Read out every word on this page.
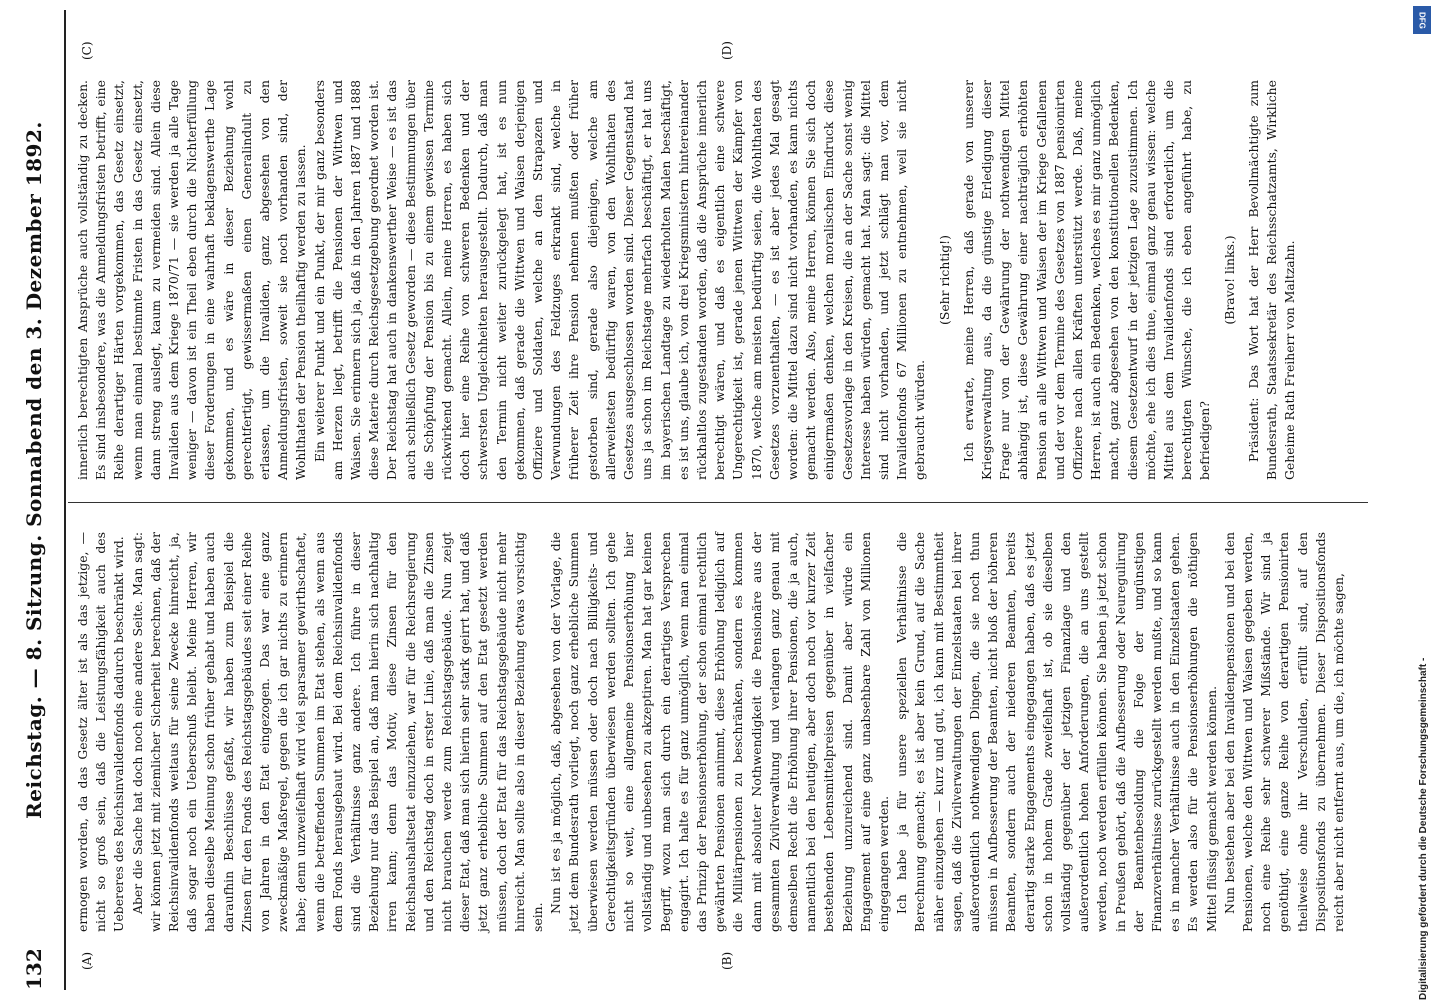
132
Reichstag. — 8. Sitzung. Sonnabend den 3. Dezember 1892.
(A)	(B)
(C)	(D)

ermogen worden, da das Gesetz älter ist als das jetzige, — nicht so groß sein, daß die Leistungsfähigkeit auch des Uebereres des Reichsinvalidenfonds dadurch beschränkt wird. Aber die Sache hat doch noch eine andere Seite. Man sagt: wir können jetzt mit ziemlicher Sicherheit berechnen, daß der Reichsinvalidenfonds weitaus für seine Zwecke hinreicht, ja, daß sogar noch ein Ueberschuß bleibt. Meine Herren, wir haben dieselbe Meinung schon früher gehabt und haben auch daraufhin Beschlüsse gefaßt, wir haben zum Beispiel die Zinsen für den Fonds des Reichstagsgebäudes seit einer Reihe von Jahren in den Etat eingezogen. Das war eine ganz zweckmäßige Maßregel, gegen die ich gar nichts zu erinnern habe; denn unzweifelhaft wird viel sparsamer gewirthschaftet, wenn die betreffenden Summen im Etat stehen, als wenn aus dem Fonds herausgebaut wird. Bei dem Reichsinvalidenfonds sind die Verhältnisse ganz andere. Ich führe in dieser Beziehung nur das Beispiel an, daß man hierin sich nachhaltig irren kann; denn das Motiv, diese Zinsen für den Reichshaushaltsetat einzuziehen, war für die Reichsregierung und den Reichstag doch in erster Linie, daß man die Zinsen nicht brauchen werde zum Reichstagsgebäude. Nun zeigt dieser Etat, daß man sich hierin sehr stark geirrt hat, und daß jetzt ganz erhebliche Summen auf den Etat gesetzt werden müssen, doch der Etat für das Reichstagsgebäude nicht mehr hinreicht. Man sollte also in dieser Beziehung etwas vorsichtig sein.

Nun ist es ja möglich, daß, abgesehen von der Vorlage, die jetzt dem Bundesrath vorliegt, noch ganz erhebliche Summen überwiesen werden müssen oder doch nach Billigkeits- und Gerechtigkeitsgründen überwiesen werden sollten. Ich gehe nicht so weit, eine allgemeine Pensionserhöhung hier vollständig und unbesehen zu akzeptiren. Man hat gar keinen Begriff, wozu man sich durch ein derartiges Versprechen engagirt. Ich halte es für ganz unmöglich, wenn man einmal das Prinzip der Pensionserhöhung, der schon einmal rechtlich gewährten Pensionen annimmt, diese Erhöhung lediglich auf die Militärpensionen zu beschränken, sondern es kommen dann mit absoluter Nothwendigkeit die Pensionäre aus der gesammten Zivilverwaltung und verlangen ganz genau mit demselben Recht die Erhöhung ihrer Pensionen, die ja auch, namentlich bei den heutigen, aber doch noch vor kurzer Zeit bestehenden Lebensmittelpreisen gegenüber in vielfacher Beziehung unzureichend sind. Damit aber würde ein Engagement auf eine ganz unabsehbare Zahl von Millionen eingegangen werden. Ich habe ja für unsere speziellen Verhältnisse die Berechnung gemacht; es ist aber kein Grund, auf die Sache näher einzugehen — kurz und gut, ich kann mit Bestimmtheit sagen, daß die Zivilverwaltungen der Einzelstaaten bei ihrer außerordentlich nothwendigen Dingen, die sie noch thun müssen in Aufbesserung der Beamten, nicht bloß der höheren Beamten, sondern auch der niederen Beamten, bereits derartig starke Engagements eingegangen haben, daß es jetzt schon in hohem Grade zweifelhaft ist, ob sie dieselben vollständig gegenüber der jetzigen Finanzlage und den außerordentlich hohen Anforderungen, die an uns gestellt werden, noch werden erfüllen können. Sie haben ja jetzt schon in Preußen gehört, daß die Aufbesserung oder Neuregulirung der Beamtenbesoldung die Folge der ungünstigen Finanzverhältnisse zurückgestellt werden mußte, und so kann es in mancher Verhältnisse auch in den Einzelstaaten gehen. Es werden also für die Pensionserhöhungen die nöthigen Mittel flüssig gemacht werden können. Nun bestehen aber bei den Invalidenpensionen und bei den Pensionen, welche den Wittwen und Waisen gegeben werden, noch eine Reihe sehr schwerer Mißstände. Wir sind ja genöthigt, eine ganze Reihe von derartigen Pensionirten theilweise ohne ihr Verschulden, erfüllt sind, auf den Dispositionsfonds zu übernehmen. Dieser Dispositionsfonds reicht aber nicht entfernt aus, um die, ich möchte sagen,

innerlich berechtigten Ansprüche auch vollständig zu decken. Es sind insbesondere, was die Anmeldungsfristen betrifft, eine Reihe derartiger Härten vorgekommen, das Gesetz einsetzt, wenn man einmal bestimmte Fristen in das Gesetz einsetzt, dann streng auslegt, kaum zu vermeiden sind. Allein diese Invaliden aus dem Kriege 1870/71 — sie werden ja alle Tage weniger — davon ist ein Theil eben durch die Nichterfüllung dieser Forderungen in eine wahrhaft beklagenswerthe Lage gekommen, und es wäre in dieser Beziehung wohl gerechtfertigt, gewissermaßen einen Generalindult zu erlassen, um die Invaliden, ganz abgesehen von den Anmeldungsfristen, soweit sie noch vorhanden sind, der Wohlthaten der Pension theilhaftig werden zu lassen. Ein weiterer Punkt und ein Punkt, der mir ganz besonders am Herzen liegt, betrifft die Pensionen der Wittwen und Waisen. Sie erinnern sich ja, daß in den Jahren 1887 und 1888 diese Materie durch Reichsgesetzgebung geordnet worden ist. Der Reichstag hat auch in dankenswerther Weise — es ist das auch schließlich Gesetz geworden — diese Bestimmungen über die Schöpfung der Pension bis zu einem gewissen Termine rückwirkend gemacht. Allein, meine Herren, es haben sich doch hier eine Reihe von schweren Bedenken und der schwersten Ungleichheiten herausgestellt. Dadurch, daß man den Termin nicht weiter zurückgelegt hat, ist es nun gekommen, daß gerade die Wittwen und Waisen derjenigen Offiziere und Soldaten, welche an den Strapazen und Verwundungen des Feldzuges erkrankt sind, welche in früherer Zeit ihre Pension nehmen mußten oder früher gestorben sind, gerade also diejenigen, welche am allerweitesten bedürftig waren, von den Wohlthaten des Gesetzes ausgeschlossen worden sind. Dieser Gegenstand hat uns ja schon im Reichstage mehrfach beschäftigt, er hat uns im bayerischen Landtage zu wiederholten Malen beschäftigt, es ist uns, glaube ich, von drei Kriegsministern hintereinander rückhaltlos zugestanden worden, daß die Ansprüche innerlich berechtigt wären, und daß es eigentlich eine schwere Ungerechtigkeit ist, gerade jenen Wittwen der Kämpfer von 1870, welche am meisten bedürftig seien, die Wohlthaten des Gesetzes vorzuenthalten, — es ist aber jedes Mal gesagt worden: die Mittel dazu sind nicht vorhanden, es kann nichts gemacht werden. Also, meine Herren, können Sie sich doch einigermaßen denken, welchen moralischen Eindruck diese Gesetzesvorlage in den Kreisen, die an der Sache sonst wenig Interesse haben würden, gemacht hat. Man sagt: die Mittel sind nicht vorhanden, und jetzt schlägt man vor, dem Invalidenfonds 67 Millionen zu entnehmen, weil sie nicht gebraucht würden.

(Sehr richtig!) Ich erwarte, meine Herren, daß gerade von unserer Kriegsverwaltung aus, da die günstige Erledigung dieser Frage nur von der Gewährung der nothwendigen Mittel abhängig ist, diese Gewährung einer nachträglich erhöhten Pension an alle Wittwen und Waisen der im Kriege Gefallenen und der vor dem Termine des Gesetzes von 1887 pensionirten Offiziere nach allen Kräften unterstützt werde. Daß, meine Herren, ist auch ein Bedenken, welches es mir ganz unmöglich macht, ganz abgesehen von den konstitutionellen Bedenken, diesem Gesetzentwurf in der jetzigen Lage zuzustimmen. Ich möchte, ehe ich dies thue, einmal ganz genau wissen: welche Mittel aus dem Invalidenfonds sind erforderlich, um die berechtigten Wünsche, die ich eben angeführt habe, zu befriedigen?

(Bravo! links.) Präsident: Das Wort hat der Herr Bevollmächtigte zum Bundesrath, Staatssekretär des Reichsschatzamts, Wirkliche Geheime Rath Freiherr von Maltzahn.

Digitalisierung gefördert durch die Deutsche Forschungsgemeinschaft -
DFG
